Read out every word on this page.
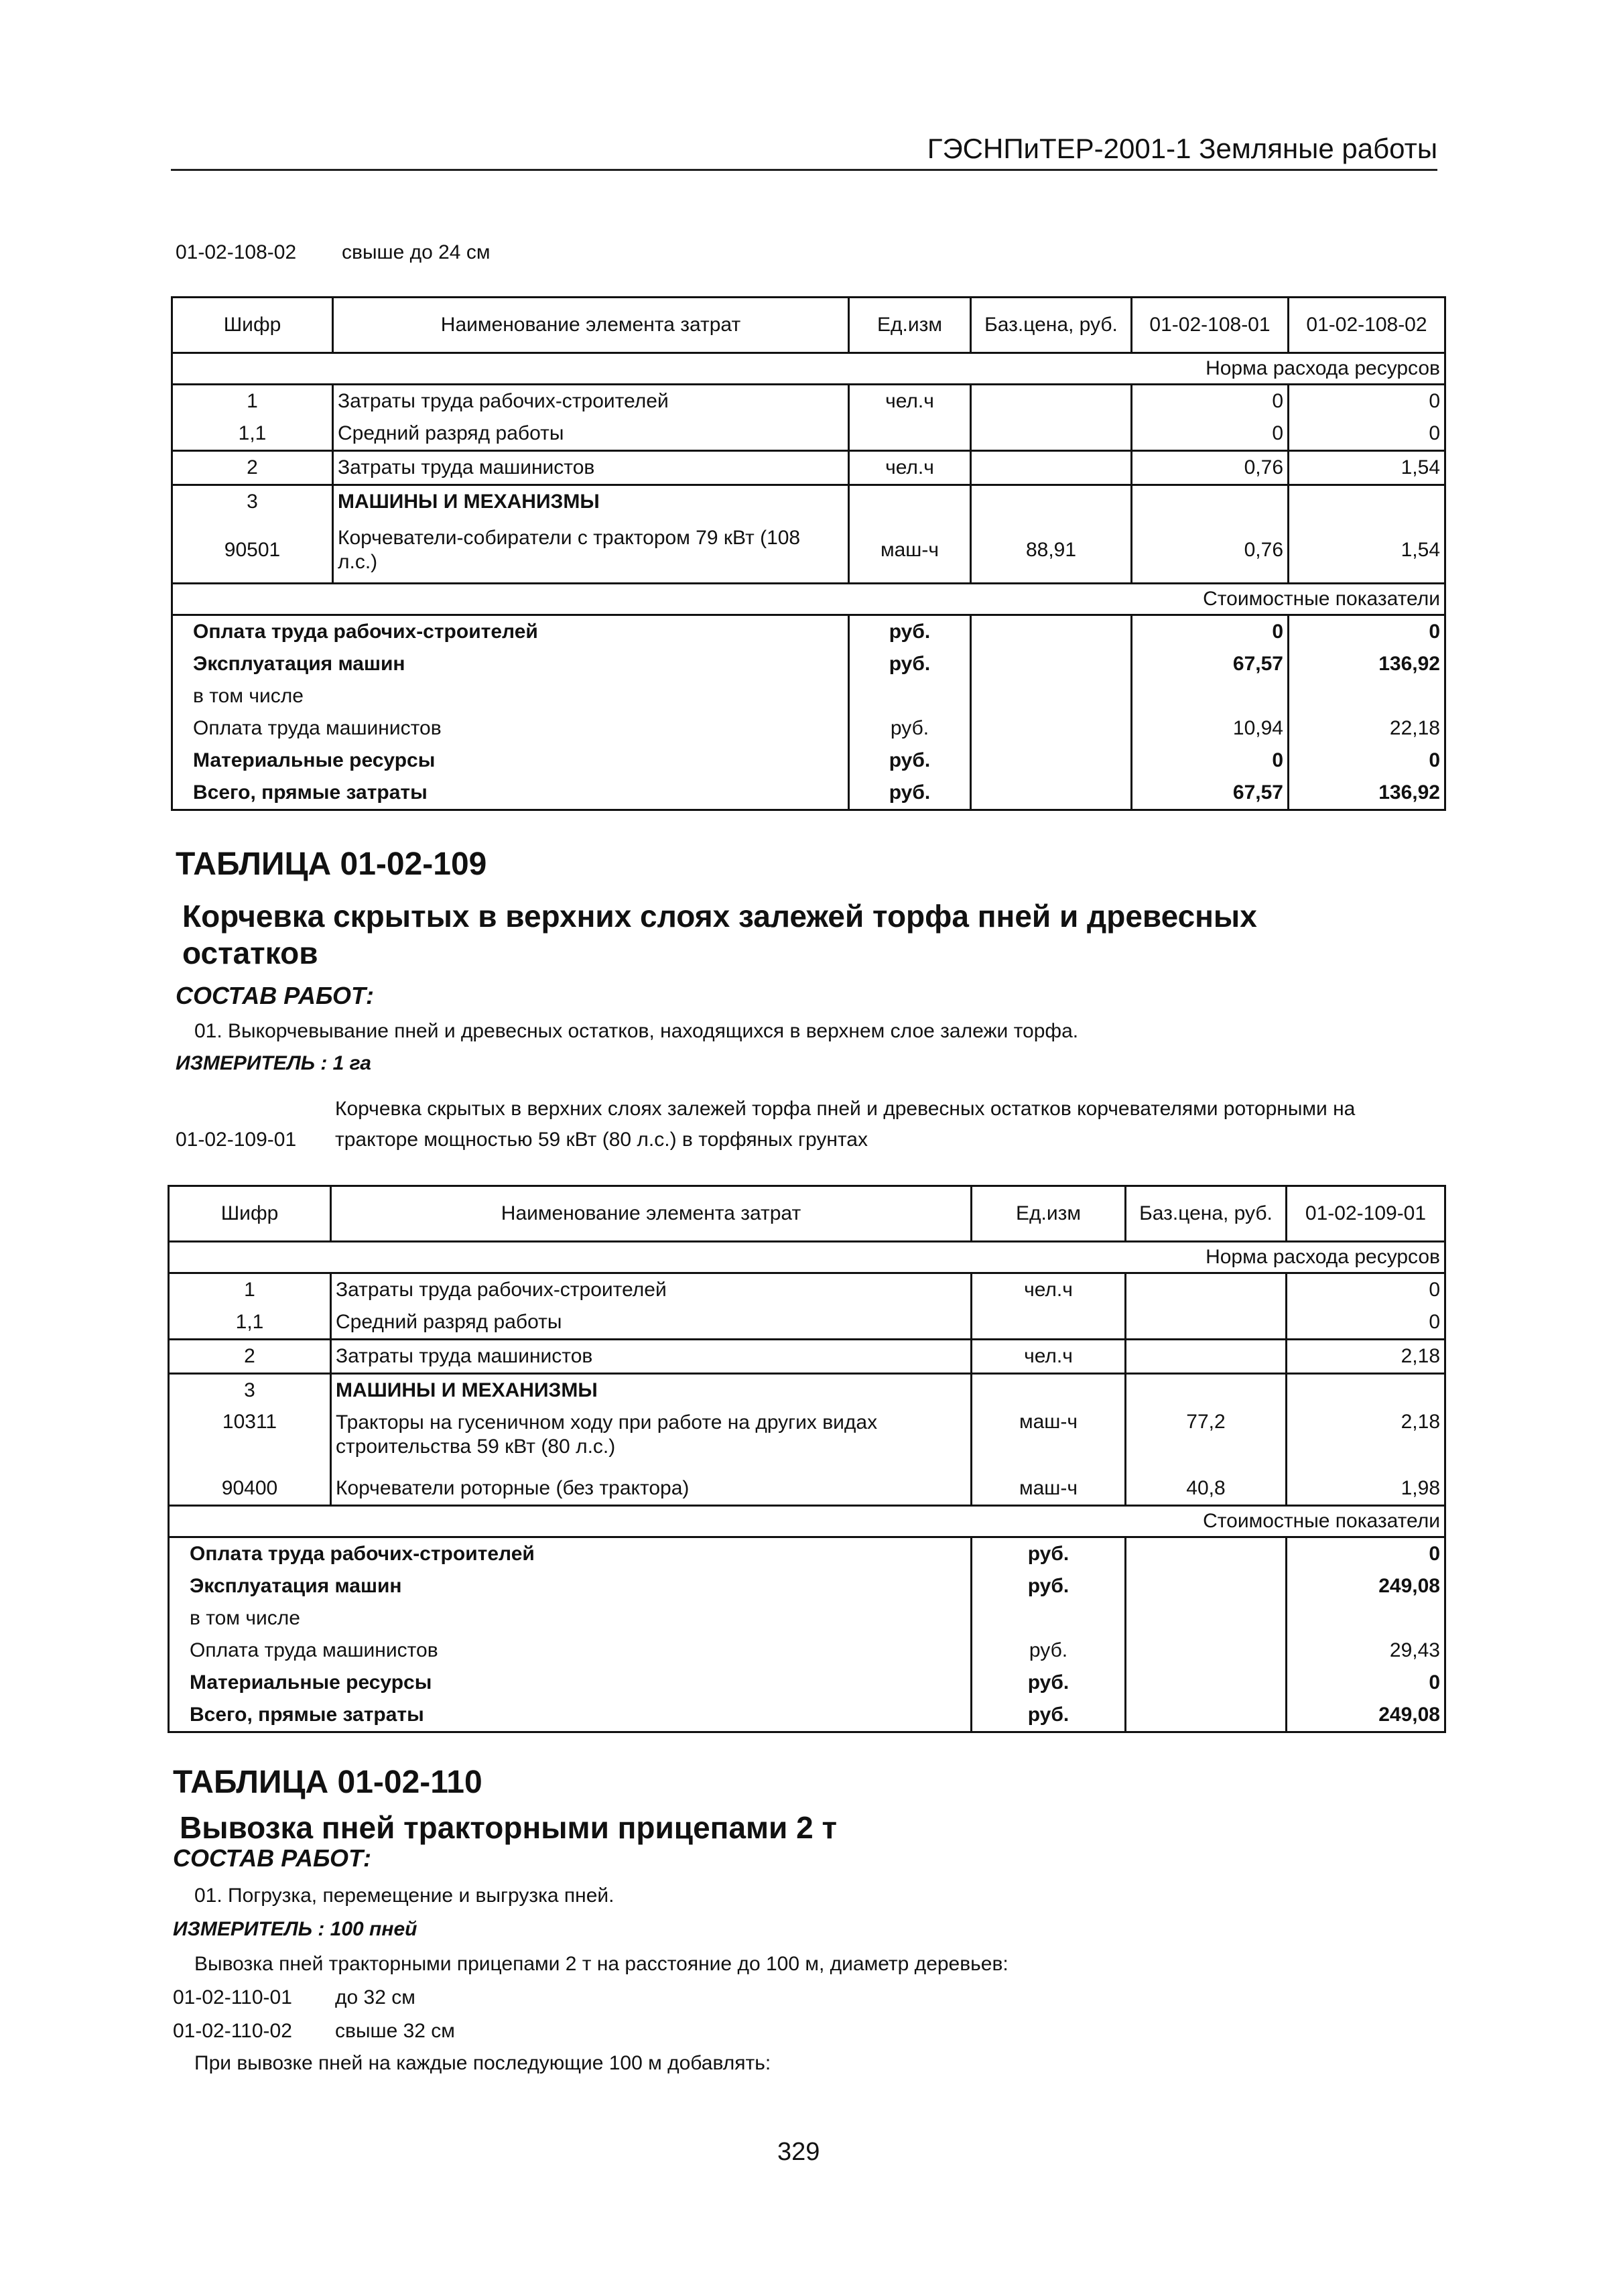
ГЭСНПиТЕР-2001-1 Земляные работы
01-02-108-02 свыше до 24 см
Шифр	Наименование элемента затрат	Ед.изм	Баз.цена, руб.	01-02-108-01	01-02-108-02
Норма расхода ресурсов					
1	Затраты труда рабочих-строителей	чел.ч		0	0
1,1	Средний разряд работы			0	0
2	Затраты труда машинистов	чел.ч		0,76	1,54
3	МАШИНЫ И МЕХАНИЗМЫ				
90501	Корчеватели-собиратели с трактором 79 кВт (108 л.с.)	маш-ч	88,91	0,76	1,54
Стоимостные показатели					
Оплата труда рабочих-строителей		руб.		0	0
Эксплуатация машин		руб.		67,57	136,92
в том числе					
Оплата труда машинистов		руб.		10,94	22,18
Материальные ресурсы		руб.		0	0
Всего, прямые затраты		руб.		67,57	136,92
ТАБЛИЦА 01-02-109
Корчевка скрытых в верхних слоях залежей торфа пней и древесных остатков
СОСТАВ РАБОТ:
01. Выкорчевывание пней и древесных остатков, находящихся в верхнем слое залежи торфа.
ИЗМЕРИТЕЛЬ : 1 га
Корчевка скрытых в верхних слоях залежей торфа пней и древесных остатков корчевателями роторными на
01-02-109-01 тракторе мощностью 59 кВт (80 л.с.) в торфяных грунтах
Шифр	Наименование элемента затрат	Ед.изм	Баз.цена, руб.	01-02-109-01
Норма расхода ресурсов				
1	Затраты труда рабочих-строителей	чел.ч		0
1,1	Средний разряд работы			0
2	Затраты труда машинистов	чел.ч		2,18
3	МАШИНЫ И МЕХАНИЗМЫ			
10311	Тракторы на гусеничном ходу при работе на других видах строительства 59 кВт (80 л.с.)	маш-ч	77,2	2,18
90400	Корчеватели роторные (без трактора)	маш-ч	40,8	1,98
Стоимостные показатели				
Оплата труда рабочих-строителей		руб.		0
Эксплуатация машин		руб.		249,08
в том числе				
Оплата труда машинистов		руб.		29,43
Материальные ресурсы		руб.		0
Всего, прямые затраты		руб.		249,08
ТАБЛИЦА 01-02-110
Вывозка пней тракторными прицепами 2 т
СОСТАВ РАБОТ:
01. Погрузка, перемещение и выгрузка пней.
ИЗМЕРИТЕЛЬ : 100 пней
Вывозка пней тракторными прицепами 2 т на расстояние до 100 м, диаметр деревьев:
01-02-110-01 до 32 см
01-02-110-02 свыше 32 см
При вывозке пней на каждые последующие 100 м добавлять:
329
